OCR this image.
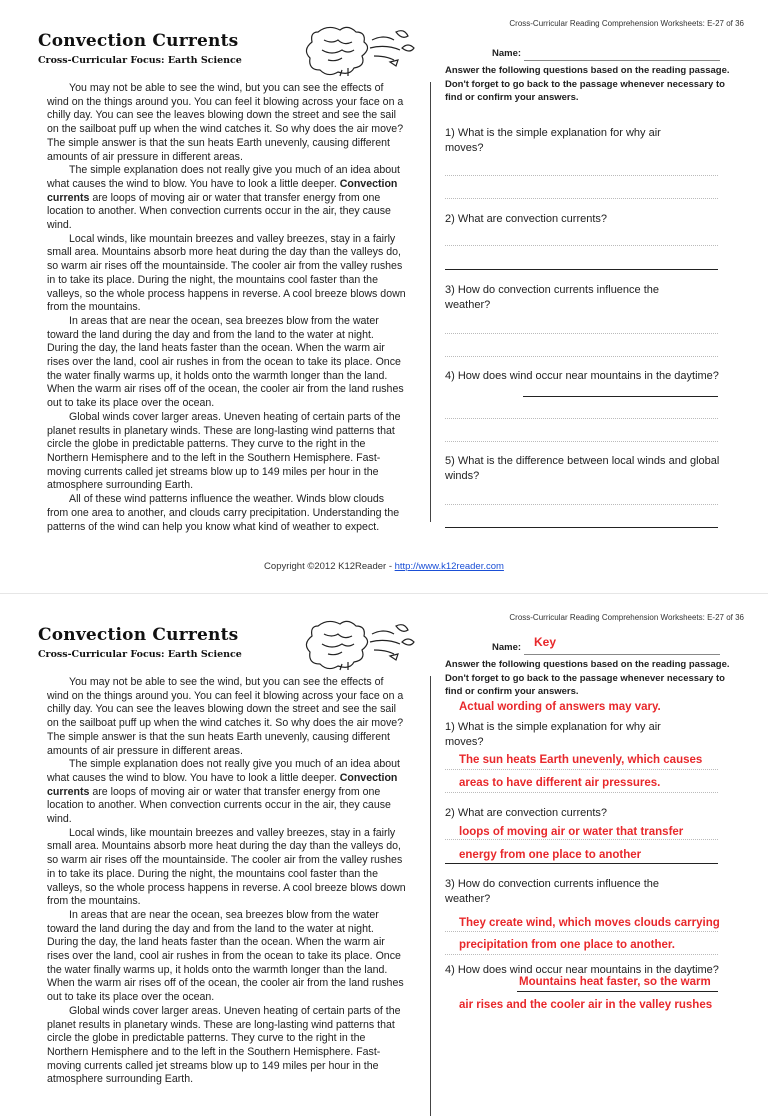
Cross-Curricular Reading Comprehension Worksheets: E-27 of 36
Convection Currents
Cross-Curricular Focus: Earth Science

You may not be able to see the wind, but you can see the effects of wind on the things around you. You can feel it blowing across your face on a chilly day. You can see the leaves blowing down the street and see the sail on the sailboat puff up when the wind catches it. So why does the air move? The simple answer is that the sun heats Earth unevenly, causing different amounts of air pressure in different areas.

The simple explanation does not really give you much of an idea about what causes the wind to blow. You have to look a little deeper. Convection currents are loops of moving air or water that transfer energy from one location to another. When convection currents occur in the air, they cause wind.

Local winds, like mountain breezes and valley breezes, stay in a fairly small area. Mountains absorb more heat during the day than the valleys do, so warm air rises off the mountainside. The cooler air from the valley rushes in to take its place. During the night, the mountains cool faster than the valleys, so the whole process happens in reverse. A cool breeze blows down from the mountains.

In areas that are near the ocean, sea breezes blow from the water toward the land during the day and from the land to the water at night. During the day, the land heats faster than the ocean. When the warm air rises over the land, cool air rushes in from the ocean to take its place. Once the water finally warms up, it holds onto the warmth longer than the land. When the warm air rises off of the ocean, the cooler air from the land rushes out to take its place over the ocean.

Global winds cover larger areas. Uneven heating of certain parts of the planet results in planetary winds. These are long-lasting wind patterns that circle the globe in predictable patterns. They curve to the right in the Northern Hemisphere and to the left in the Southern Hemisphere. Fast-moving currents called jet streams blow up to 149 miles per hour in the atmosphere surrounding Earth.

All of these wind patterns influence the weather. Winds blow clouds from one area to another, and clouds carry precipitation. Understanding the patterns of the wind can help you know what kind of weather to expect.

Name:
Answer the following questions based on the reading passage. Don't forget to go back to the passage whenever necessary to find or confirm your answers.
1) What is the simple explanation for why air moves?
2) What are convection currents?
3) How do convection currents influence the weather?
4) How does wind occur near mountains in the daytime?
5) What is the difference between local winds and global winds?
Copyright ©2012 K12Reader - http://www.k12reader.com
Cross-Curricular Reading Comprehension Worksheets: E-27 of 36
Convection Currents
Cross-Curricular Focus: Earth Science

You may not be able to see the wind, but you can see the effects of wind on the things around you. You can feel it blowing across your face on a chilly day. You can see the leaves blowing down the street and see the sail on the sailboat puff up when the wind catches it. So why does the air move? The simple answer is that the sun heats Earth unevenly, causing different amounts of air pressure in different areas.

The simple explanation does not really give you much of an idea about what causes the wind to blow. You have to look a little deeper. Convection currents are loops of moving air or water that transfer energy from one location to another. When convection currents occur in the air, they cause wind.

Local winds, like mountain breezes and valley breezes, stay in a fairly small area. Mountains absorb more heat during the day than the valleys do, so warm air rises off the mountainside. The cooler air from the valley rushes in to take its place. During the night, the mountains cool faster than the valleys, so the whole process happens in reverse. A cool breeze blows down from the mountains.

In areas that are near the ocean, sea breezes blow from the water toward the land during the day and from the land to the water at night. During the day, the land heats faster than the ocean. When the warm air rises over the land, cool air rushes in from the ocean to take its place. Once the water finally warms up, it holds onto the warmth longer than the land. When the warm air rises off of the ocean, the cooler air from the land rushes out to take its place over the ocean.

Global winds cover larger areas. Uneven heating of certain parts of the planet results in planetary winds. These are long-lasting wind patterns that circle the globe in predictable patterns. They curve to the right in the Northern Hemisphere and to the left in the Southern Hemisphere. Fast-moving currents called jet streams blow up to 149 miles per hour in the atmosphere surrounding Earth.

Name: Key
Answer the following questions based on the reading passage. Don't forget to go back to the passage whenever necessary to find or confirm your answers.
Actual wording of answers may vary.
1) What is the simple explanation for why air moves?
The sun heats Earth unevenly, which causes
areas to have different air pressures.
2) What are convection currents?
loops of moving air or water that transfer
energy from one place to another
3) How do convection currents influence the weather?
They create wind, which moves clouds carrying
precipitation from one place to another.
4) How does wind occur near mountains in the daytime?
Mountains heat faster, so the warm
air rises and the cooler air in the valley rushes
